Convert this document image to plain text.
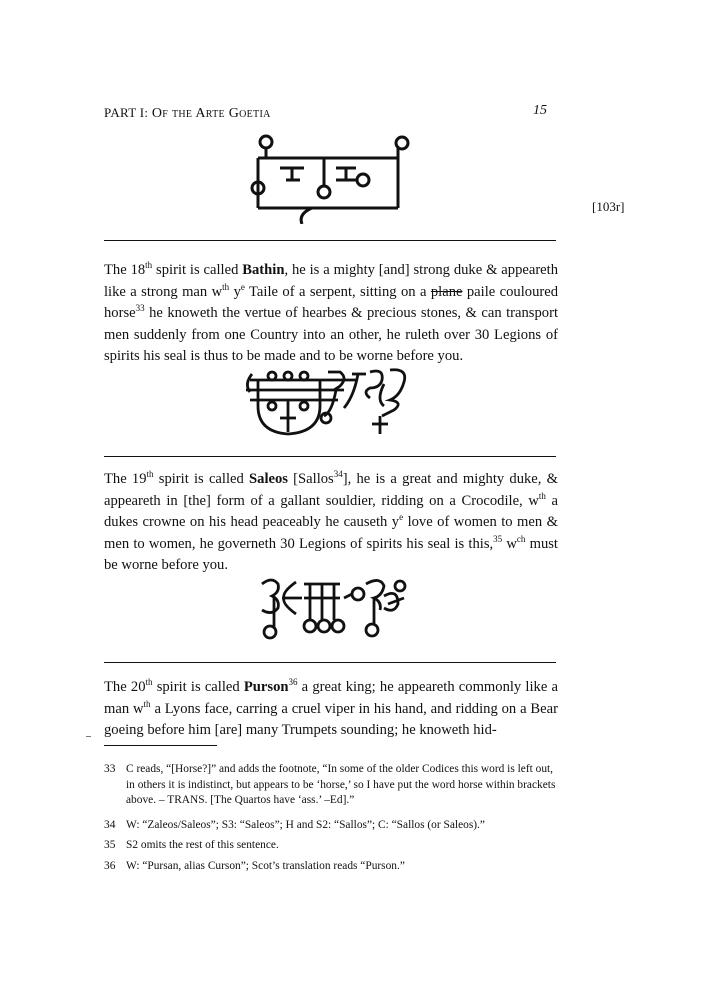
PART I: Of the Arte Goetia	15
[103r]
The 18th spirit is called Bathin, he is a mighty [and] strong duke & appeareth like a strong man $w^{th}$ $y^e$ Taile of a serpent, sitting on a plane paile couloured horse$^{33}$ he knoweth the vertue of hearbes & precious stones, & can transport men suddenly from one Country into an other, he ruleth over 30 Legions of spirits his seal is thus to be made and to be worne before you.
The 19th spirit is called Saleos [Sallos$^{34}$], he is a great and mighty duke, & appeareth in [the] form of a gallant souldier, ridding on a Crocodile, $w^{th}$ a dukes crowne on his head peaceably he causeth $y^e$ love of women to men & men to women, he governeth 30 Legions of spirits his seal is this,$^{35}$ $w^{ch}$ must be worne before you.
The 20th spirit is called Purson$^{36}$ a great king; he appeareth commonly like a man $w^{th}$ a Lyons face, carring a cruel viper in his hand, and ridding on a Bear goeing before him [are] many Trumpets sounding; he knoweth hid-
33 C reads, “[Horse?]” and adds the footnote, “In some of the older Codices this word is left out, in others it is indistinct, but appears to be ‘horse,’ so I have put the word horse within brackets above. – TRANS. [The Quartos have ‘ass.’ –Ed].”
34 W: “Zaleos/Saleos”; S3: “Saleos”; H and S2: “Sallos”; C: “Sallos (or Saleos).”
35 S2 omits the rest of this sentence.
36 W: “Pursan, alias Curson”; Scot’s translation reads “Purson.”
